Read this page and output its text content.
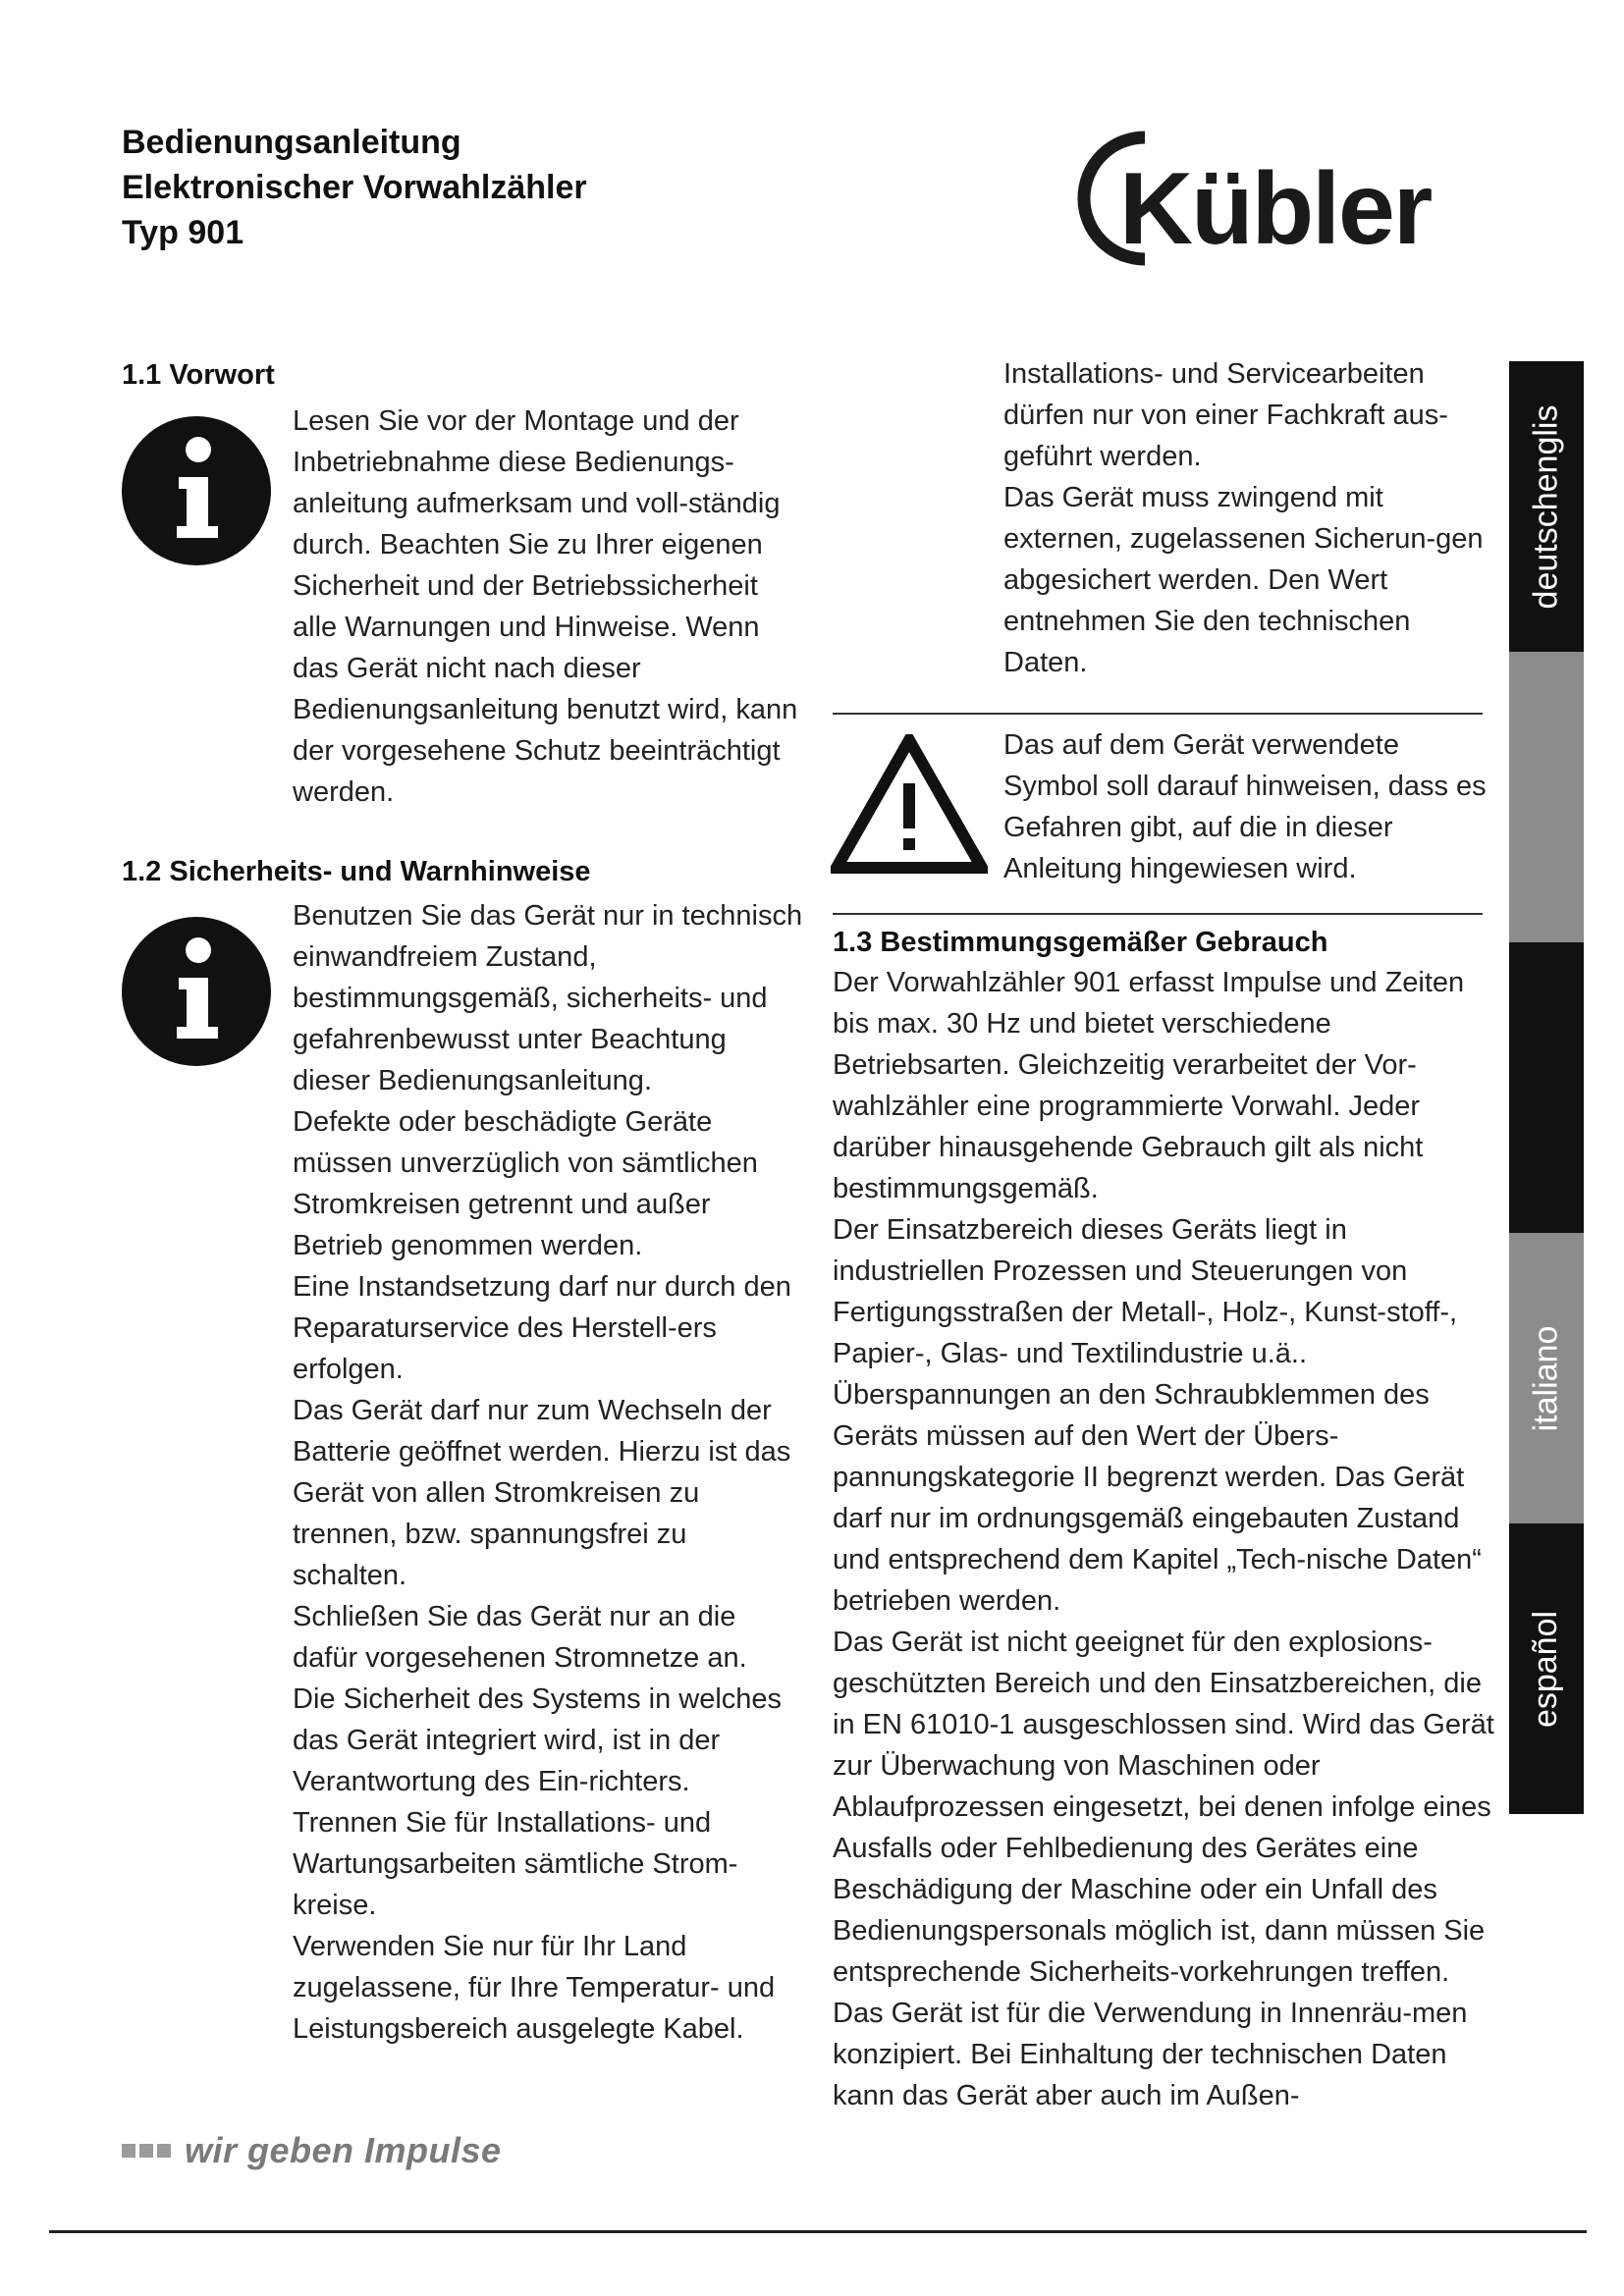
Bedienungsanleitung
Elektronischer Vorwahlzähler
Typ 901	Kübler
deutschenglis
italiano
español
1.1 Vorwort

Lesen Sie vor der Montage und der Inbetriebnahme diese Bedienungs-anleitung aufmerksam und voll-ständig durch. Beachten Sie zu Ihrer eigenen Sicherheit und der Betriebssicherheit alle Warnungen und Hinweise. Wenn das Gerät nicht nach dieser Bedienungsanleitung benutzt wird, kann der vorgesehene Schutz beeinträchtigt werden.

1.2 Sicherheits- und Warnhinweise

Benutzen Sie das Gerät nur in technisch einwandfreiem Zustand, bestimmungsgemäß, sicherheits- und gefahrenbewusst unter Beachtung dieser Bedienungsanleitung.

Defekte oder beschädigte Geräte müssen unverzüglich von sämtlichen Stromkreisen getrennt und außer Betrieb genommen werden.

Eine Instandsetzung darf nur durch den Reparaturservice des Herstell-ers erfolgen.

Das Gerät darf nur zum Wechseln der Batterie geöffnet werden. Hierzu ist das Gerät von allen Stromkreisen zu trennen, bzw. spannungsfrei zu schalten.

Schließen Sie das Gerät nur an die dafür vorgesehenen Stromnetze an.

Die Sicherheit des Systems in welches das Gerät integriert wird, ist in der Verantwortung des Ein-richters.

Trennen Sie für Installations- und Wartungsarbeiten sämtliche Strom-kreise.

Verwenden Sie nur für Ihr Land zugelassene, für Ihre Temperatur- und Leistungsbereich ausgelegte Kabel.

Installations- und Servicearbeiten dürfen nur von einer Fachkraft aus-geführt werden.

Das Gerät muss zwingend mit externen, zugelassenen Sicherun-gen abgesichert werden. Den Wert entnehmen Sie den technischen Daten.

Das auf dem Gerät verwendete Symbol soll darauf hinweisen, dass es Gefahren gibt, auf die in dieser Anleitung hingewiesen wird.

1.3 Bestimmungsgemäßer Gebrauch

Der Vorwahlzähler 901 erfasst Impulse und Zeiten bis max. 30 Hz und bietet verschiedene Betriebsarten. Gleichzeitig verarbeitet der Vor-wahlzähler eine programmierte Vorwahl. Jeder darüber hinausgehende Gebrauch gilt als nicht bestimmungsgemäß.

Der Einsatzbereich dieses Geräts liegt in industriellen Prozessen und Steuerungen von Fertigungsstraßen der Metall-, Holz-, Kunst-stoff-, Papier-, Glas- und Textilindustrie u.ä..

Überspannungen an den Schraubklemmen des Geräts müssen auf den Wert der Übers-pannungskategorie II begrenzt werden. Das Gerät darf nur im ordnungsgemäß eingebauten Zustand und entsprechend dem Kapitel „Tech-nische Daten“ betrieben werden.

Das Gerät ist nicht geeignet für den explosions-geschützten Bereich und den Einsatzbereichen, die in EN 61010-1 ausgeschlossen sind. Wird das Gerät zur Überwachung von Maschinen oder Ablaufprozessen eingesetzt, bei denen infolge eines Ausfalls oder Fehlbedienung des Gerätes eine Beschädigung der Maschine oder ein Unfall des Bedienungspersonals möglich ist, dann müssen Sie entsprechende Sicherheits-vorkehrungen treffen.

Das Gerät ist für die Verwendung in Innenräu-men konzipiert. Bei Einhaltung der technischen Daten kann das Gerät aber auch im Außen-

wir geben Impulse
